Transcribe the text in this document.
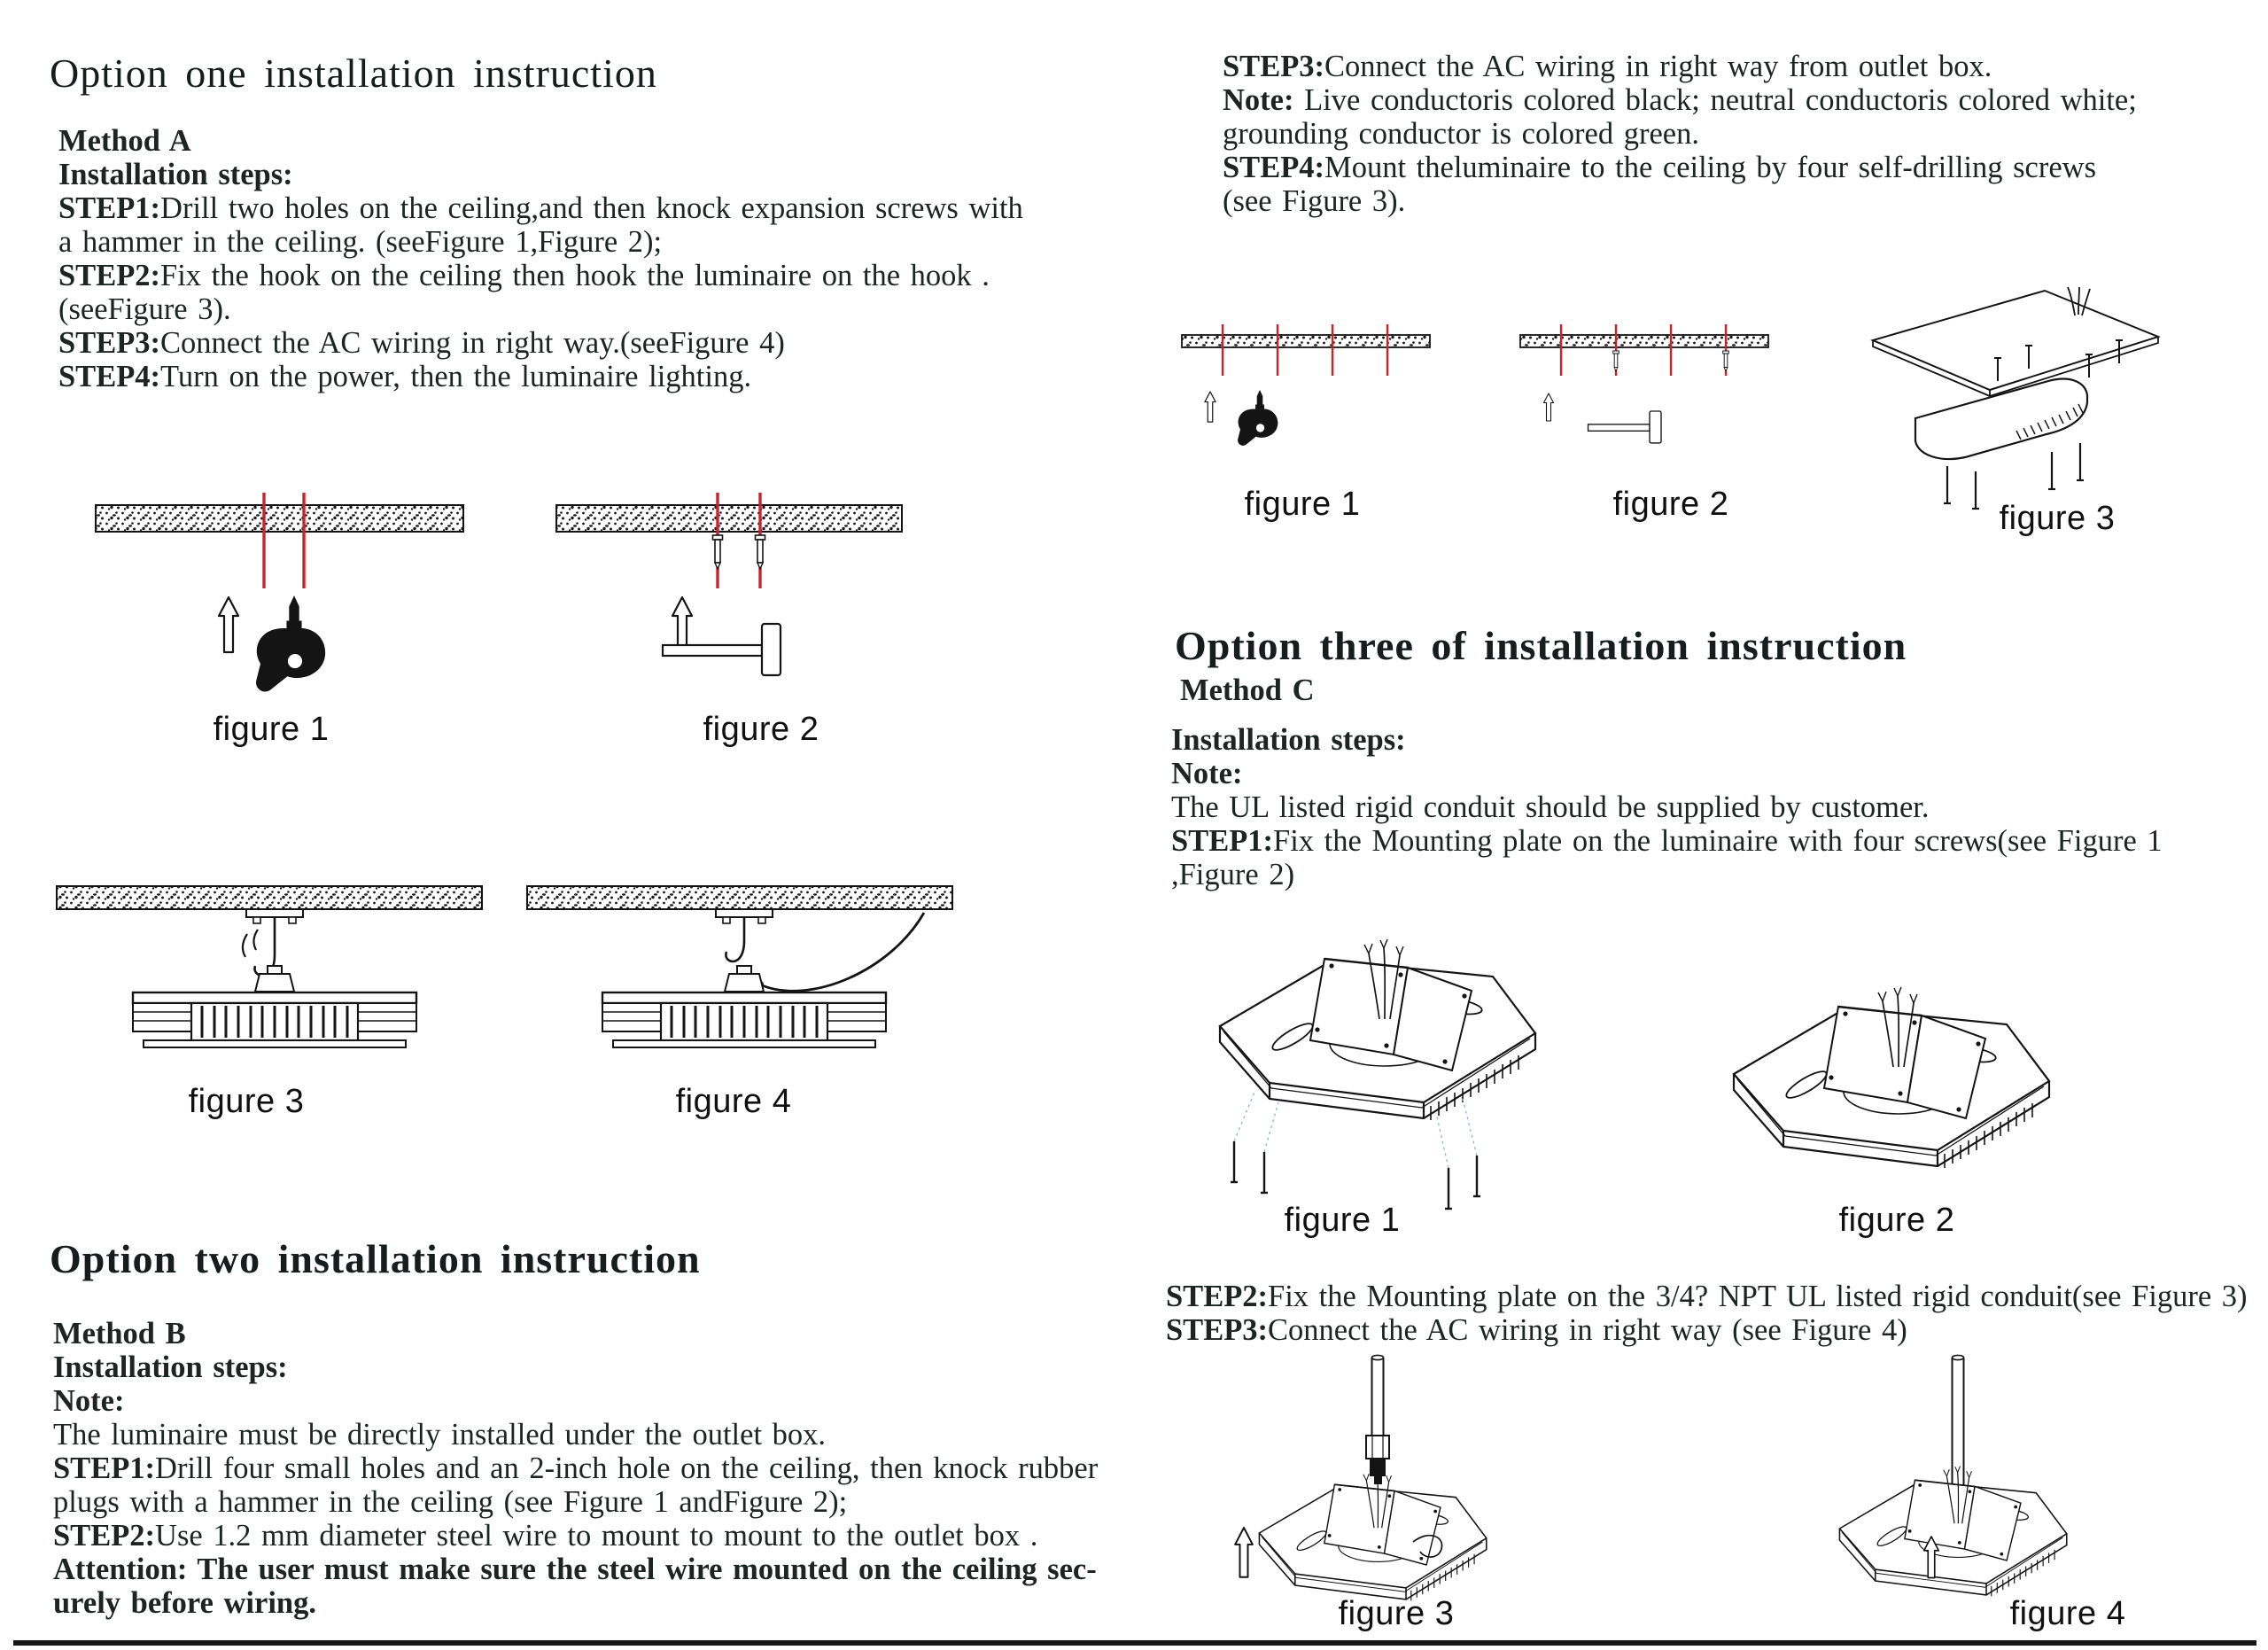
Option one installation instruction
Method A
Installation steps:
STEP1:Drill two holes on the ceiling,and then knock expansion screws with
a hammer in the ceiling. (seeFigure 1,Figure 2);
STEP2:Fix the hook on the ceiling then hook the luminaire on the hook .
(seeFigure 3).
STEP3:Connect the AC wiring in right way.(seeFigure 4)
STEP4:Turn on the power, then the luminaire lighting.
figure 1	figure 2
figure 3	figure 4
Option two installation instruction
Method B
Installation steps:
Note:
The luminaire must be directly installed under the outlet box.
STEP1:Drill four small holes and an 2-inch hole on the ceiling, then knock rubber
plugs with a hammer in the ceiling (see Figure 1 andFigure 2);
STEP2:Use 1.2 mm diameter steel wire to mount to mount to the outlet box .
Attention: The user must make sure the steel wire mounted on the ceiling sec-
urely before wiring.
STEP3:Connect the AC wiring in right way from outlet box.
Note: Live conductoris colored black; neutral conductoris colored white;
grounding conductor is colored green.
STEP4:Mount theluminaire to the ceiling by four self-drilling screws
(see Figure 3).
figure 1	figure 2	figure 3
Option three of installation instruction
Method C
Installation steps:
Note:
The UL listed rigid conduit should be supplied by customer.
STEP1:Fix the Mounting plate on the luminaire with four screws(see Figure 1
,Figure 2)
figure 1	figure 2
STEP2:Fix the Mounting plate on the 3/4? NPT UL listed rigid conduit(see Figure 3)
STEP3:Connect the AC wiring in right way (see Figure 4)
figure 3	figure 4
